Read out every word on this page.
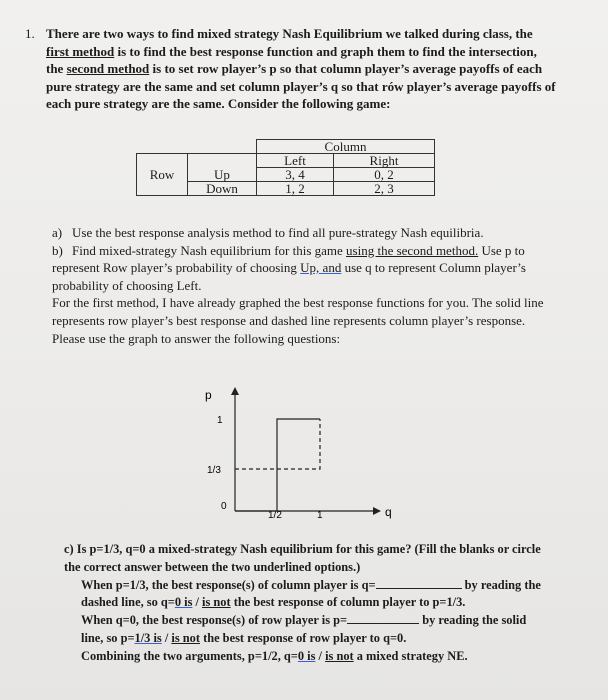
1. There are two ways to find mixed strategy Nash Equilibrium we talked during class, the first method is to find the best response function and graph them to find the intersection, the second method is to set row player’s p so that column player’s average payoffs of each pure strategy are the same and set column player’s q so that rów player’s average payoffs of each pure strategy are the same. Consider the following game:
		Column	
Row		Left	Right
	Up	3, 4	0, 2
	Down	1, 2	2, 3
a) Use the best response analysis method to find all pure-strategy Nash equilibria.
b) Find mixed-strategy Nash equilibrium for this game using the second method. Use p to represent Row player’s probability of choosing Up, and use q to represent Column player’s probability of choosing Left.
For the first method, I have already graphed the best response functions for you. The solid line represents row player’s best response and dashed line represents column player’s response. Please use the graph to answer the following questions:
p
q
1
1/3
0
1/2	1
c) Is p=1/3, q=0 a mixed-strategy Nash equilibrium for this game? (Fill the blanks or circle the correct answer between the two underlined options.)
When p=1/3, the best response(s) of column player is q=	by reading the
dashed line, so q=0 is / is not the best response of column player to p=1/3.
When q=0, the best response(s) of row player is p=	by reading the solid
line, so p=1/3 is / is not the best response of row player to q=0.
Combining the two arguments, p=1/2, q=0 is / is not a mixed strategy NE.
